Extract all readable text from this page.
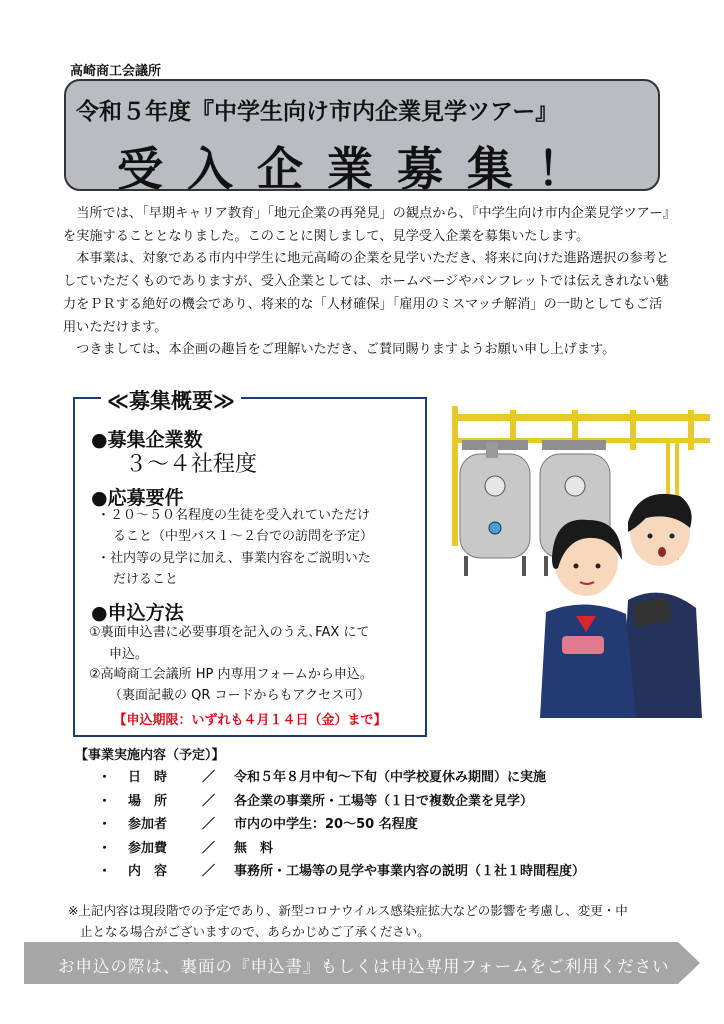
高崎商工会議所
令和５年度『中学生向け市内企業見学ツアー』
受入企業募集！

当所では、「早期キャリア教育」「地元企業の再発見」の観点から、『中学生向け市内企業見学ツアー』を実施することとなりました。このことに関しまして、見学受入企業を募集いたします。

本事業は、対象である市内中学生に地元高崎の企業を見学いただき、将来に向けた進路選択の参考としていただくものでありますが、受入企業としては、ホームページやパンフレットでは伝えきれない魅力をＰＲする絶好の機会であり、将来的な「人材確保」「雇用のミスマッチ解消」の一助としてもご活用いただけます。

つきましては、本企画の趣旨をご理解いただき、ご賛同賜りますようお願い申し上げます。

≪募集概要≫
●募集企業数
３～４社程度
●応募要件
・２０～５０名程度の生徒を受入れていただけ
ること（中型バス１～２台での訪問を予定）
・社内等の見学に加え、事業内容をご説明いた
だけること
●申込方法
①裏面申込書に必要事項を記入のうえ､FAX にて
申込。
②高崎商工会議所 HP 内専用フォームから申込。
（裏面記載の QR コードからもアクセス可）
【申込期限：いずれも４月１４日（金）まで】
【事業実施内容（予定）】
・	日　時	／	令和５年８月中旬～下旬（中学校夏休み期間）に実施
・	場　所	／	各企業の事業所・工場等（１日で複数企業を見学）
・	参加者	／	市内の中学生：20～50 名程度
・	参加費	／	無　料
・	内　容	／	事務所・工場等の見学や事業内容の説明（１社１時間程度）
※上記内容は現段階での予定であり、新型コロナウイルス感染症拡大などの影響を考慮し、変更・中
止となる場合がございますので、あらかじめご了承ください。
お申込の際は、裏面の『申込書』もしくは申込専用フォームをご利用ください
